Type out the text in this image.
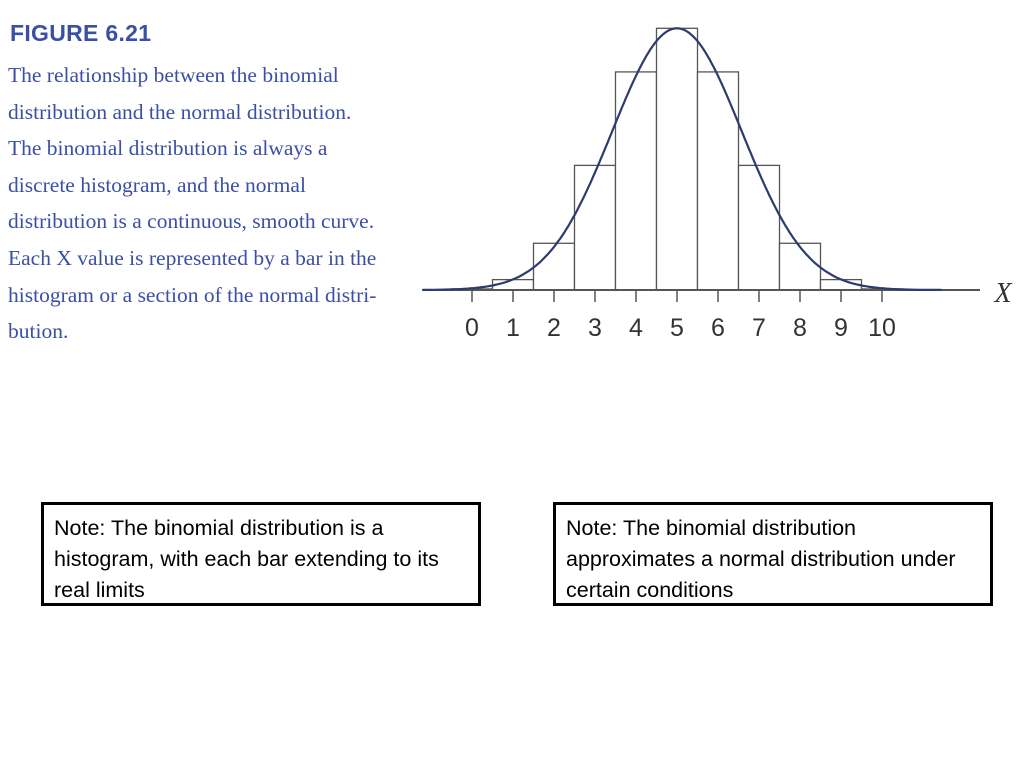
FIGURE 6.21
The relationship between the binomial distribution and the normal distribution. The binomial distribution is always a discrete histogram, and the normal distribution is a continuous, smooth curve. Each X value is represented by a bar in the histogram or a section of the normal distri-bution.	0 1 2 3 4 5 6 7 8 9 10
X
Note: The binomial distribution is a histogram, with each bar extending to its real limits
Note: The binomial distribution approximates a normal distribution under certain conditions
